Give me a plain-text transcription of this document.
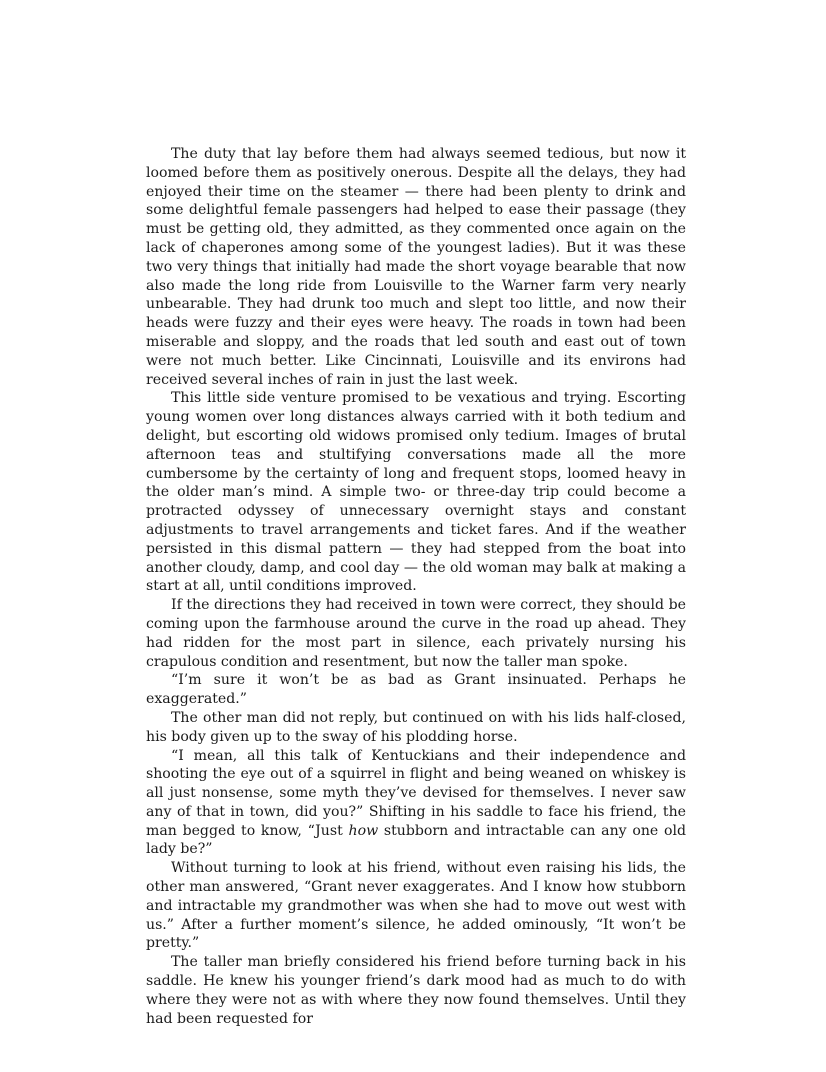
The duty that lay before them had always seemed tedious, but now it loomed before them as positively onerous. Despite all the delays, they had enjoyed their time on the steamer — there had been plenty to drink and some delightful female passengers had helped to ease their passage (they must be getting old, they admitted, as they commented once again on the lack of chaperones among some of the youngest ladies). But it was these two very things that initially had made the short voyage bearable that now also made the long ride from Louisville to the Warner farm very nearly unbearable. They had drunk too much and slept too little, and now their heads were fuzzy and their eyes were heavy. The roads in town had been miserable and sloppy, and the roads that led south and east out of town were not much better. Like Cincinnati, Louisville and its environs had received several inches of rain in just the last week.

This little side venture promised to be vexatious and trying. Escorting young women over long distances always carried with it both tedium and delight, but escorting old widows promised only tedium. Images of brutal afternoon teas and stultifying conversations made all the more cumbersome by the certainty of long and frequent stops, loomed heavy in the older man’s mind. A simple two- or three-day trip could become a protracted odyssey of unnecessary overnight stays and constant adjustments to travel arrangements and ticket fares. And if the weather persisted in this dismal pattern — they had stepped from the boat into another cloudy, damp, and cool day — the old woman may balk at making a start at all, until conditions improved.

If the directions they had received in town were correct, they should be coming upon the farmhouse around the curve in the road up ahead. They had ridden for the most part in silence, each privately nursing his crapulous condition and resentment, but now the taller man spoke.

“I’m sure it won’t be as bad as Grant insinuated. Perhaps he exaggerated.”

The other man did not reply, but continued on with his lids half-closed, his body given up to the sway of his plodding horse.

“I mean, all this talk of Kentuckians and their independence and shooting the eye out of a squirrel in flight and being weaned on whiskey is all just nonsense, some myth they’ve devised for themselves. I never saw any of that in town, did you?” Shifting in his saddle to face his friend, the man begged to know, “Just how stubborn and intractable can any one old lady be?”

Without turning to look at his friend, without even raising his lids, the other man answered, “Grant never exaggerates. And I know how stubborn and intractable my grandmother was when she had to move out west with us.” After a further moment’s silence, he added ominously, “It won’t be pretty.”

The taller man briefly considered his friend before turning back in his saddle. He knew his younger friend’s dark mood had as much to do with where they were not as with where they now found themselves. Until they had been requested for
